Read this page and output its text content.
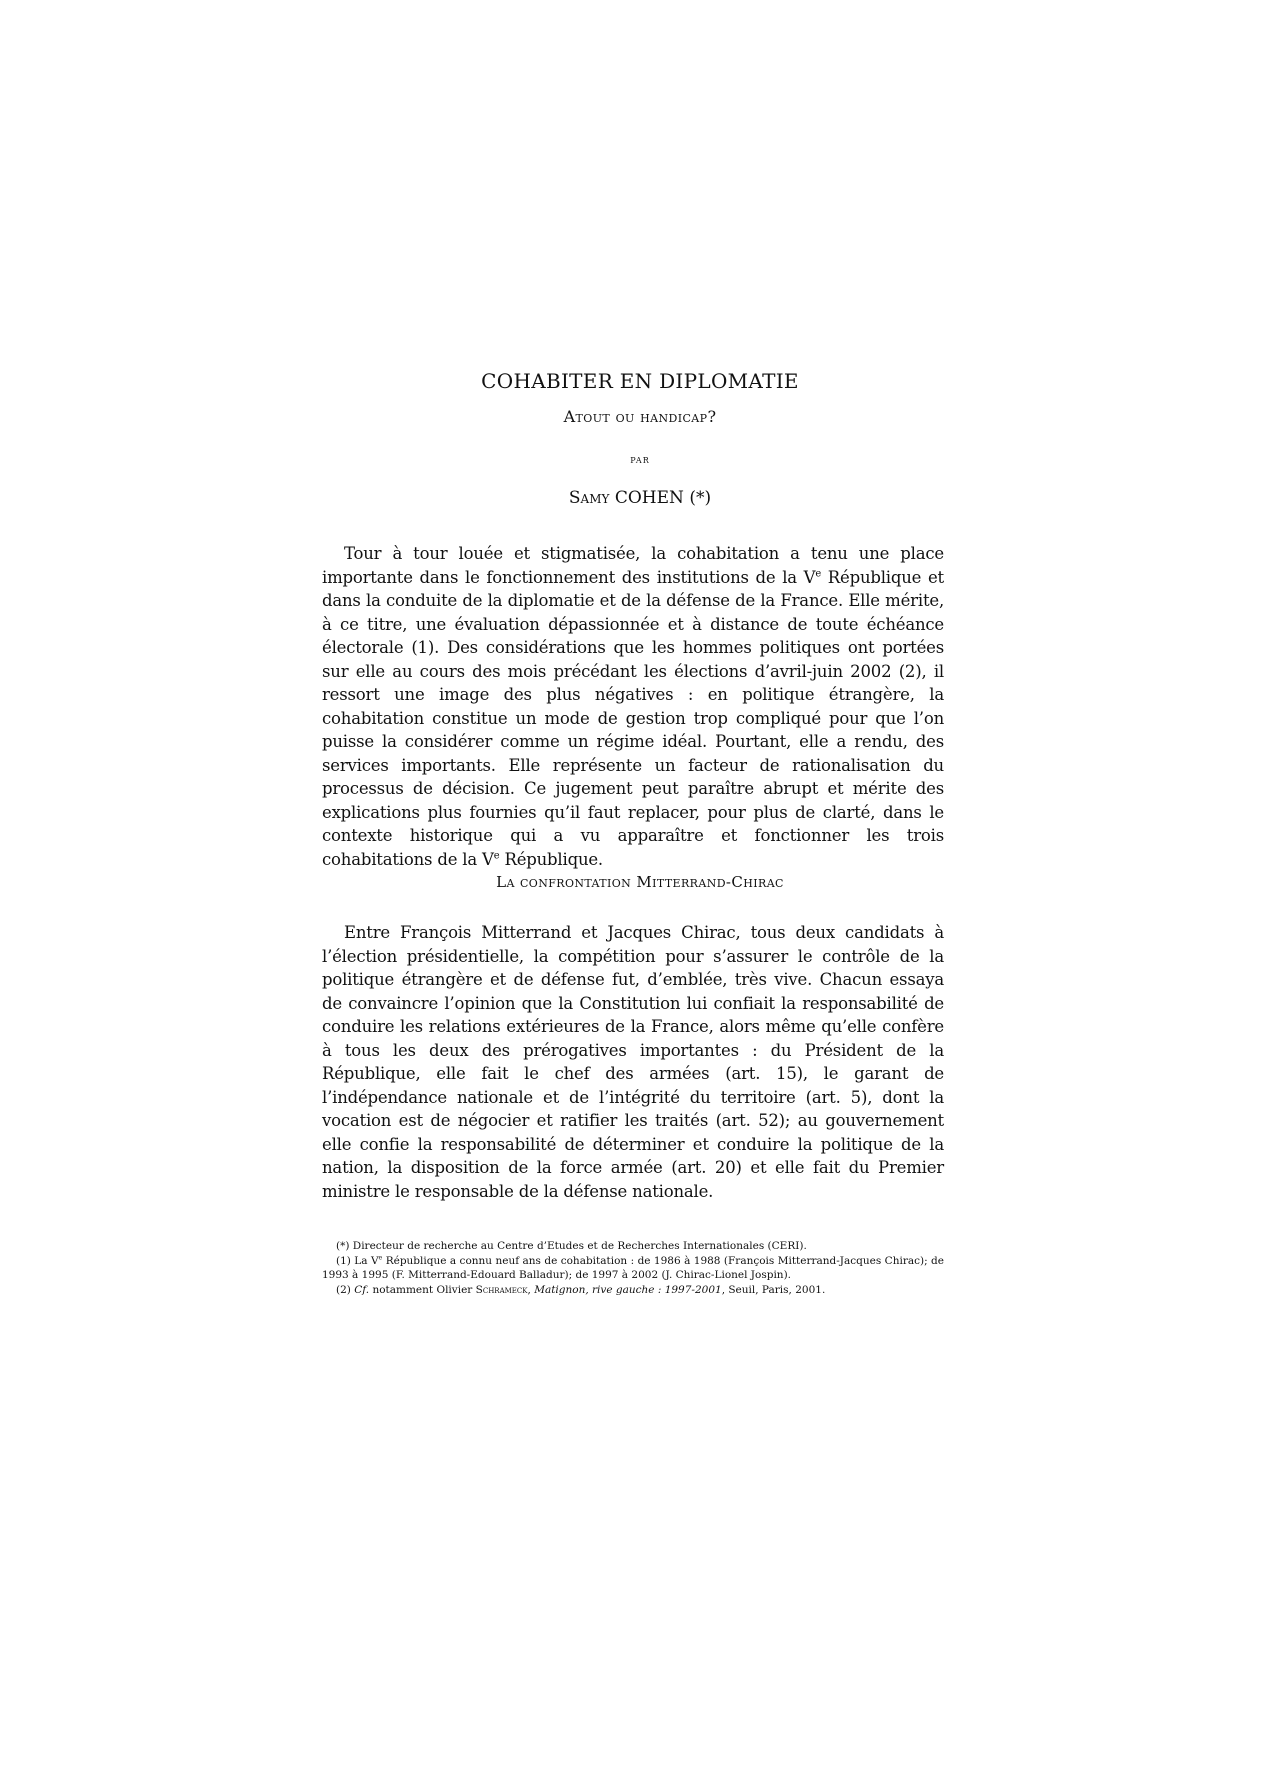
COHABITER EN DIPLOMATIE
Atout ou handicap?
par
Samy COHEN (*)

Tour à tour louée et stigmatisée, la cohabitation a tenu une place importante dans le fonctionnement des institutions de la Ve République et dans la conduite de la diplomatie et de la défense de la France. Elle mérite, à ce titre, une évaluation dépassionnée et à distance de toute échéance électorale (1). Des considérations que les hommes politiques ont portées sur elle au cours des mois précédant les élections d’avril-juin 2002 (2), il ressort une image des plus négatives : en politique étrangère, la cohabitation constitue un mode de gestion trop compliqué pour que l’on puisse la considérer comme un régime idéal. Pourtant, elle a rendu, des services importants. Elle représente un facteur de rationalisation du processus de décision. Ce jugement peut paraître abrupt et mérite des explications plus fournies qu’il faut replacer, pour plus de clarté, dans le contexte historique qui a vu apparaître et fonctionner les trois cohabitations de la Ve République.

La confrontation Mitterrand-Chirac

Entre François Mitterrand et Jacques Chirac, tous deux candidats à l’élection présidentielle, la compétition pour s’assurer le contrôle de la politique étrangère et de défense fut, d’emblée, très vive. Chacun essaya de convaincre l’opinion que la Constitution lui confiait la responsabilité de conduire les relations extérieures de la France, alors même qu’elle confère à tous les deux des prérogatives importantes : du Président de la République, elle fait le chef des armées (art. 15), le garant de l’indépendance nationale et de l’intégrité du territoire (art. 5), dont la vocation est de négocier et ratifier les traités (art. 52); au gouvernement elle confie la responsabilité de déterminer et conduire la politique de la nation, la disposition de la force armée (art. 20) et elle fait du Premier ministre le responsable de la défense nationale.

(*) Directeur de recherche au Centre d’Etudes et de Recherches Internationales (CERI).

(1) La Ve République a connu neuf ans de cohabitation : de 1986 à 1988 (François Mitterrand-Jacques Chirac); de 1993 à 1995 (F. Mitterrand-Edouard Balladur); de 1997 à 2002 (J. Chirac-Lionel Jospin).

(2) Cf. notamment Olivier Schrameck, Matignon, rive gauche : 1997-2001, Seuil, Paris, 2001.
